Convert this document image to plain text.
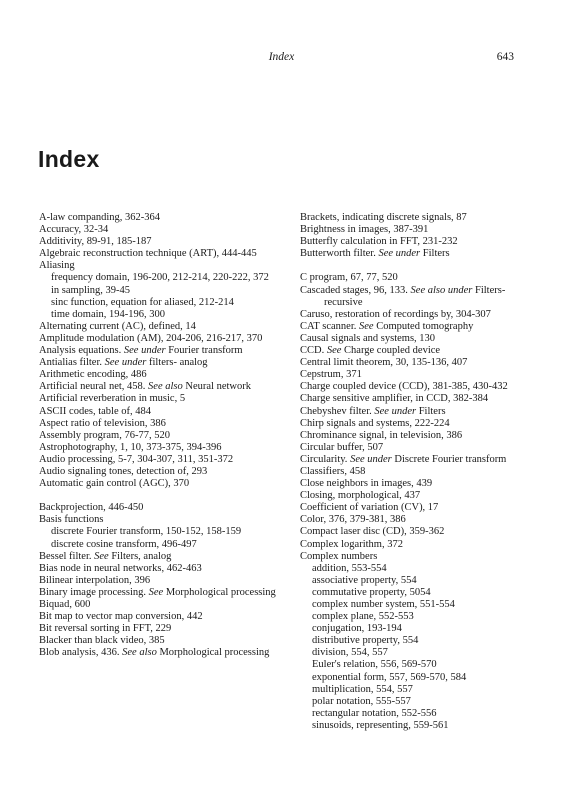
Index	643
Index
A-law companding, 362-364
Accuracy, 32-34
Additivity, 89-91, 185-187
Algebraic reconstruction technique (ART), 444-445
Aliasing
frequency domain, 196-200, 212-214, 220-222, 372
in sampling, 39-45
sinc function, equation for aliased, 212-214
time domain, 194-196, 300
Alternating current (AC), defined, 14
Amplitude modulation (AM), 204-206, 216-217, 370
Analysis equations. See under Fourier transform
Antialias filter. See under filters- analog
Arithmetic encoding, 486
Artificial neural net, 458. See also Neural network
Artificial reverberation in music, 5
ASCII codes, table of, 484
Aspect ratio of television, 386
Assembly program, 76-77, 520
Astrophotography, 1, 10, 373-375, 394-396
Audio processing, 5-7, 304-307, 311, 351-372
Audio signaling tones, detection of, 293
Automatic gain control (AGC), 370
Backprojection, 446-450
Basis functions
discrete Fourier transform, 150-152, 158-159
discrete cosine transform, 496-497
Bessel filter. See Filters, analog
Bias node in neural networks, 462-463
Bilinear interpolation, 396
Binary image processing. See Morphological processing
Biquad, 600
Bit map to vector map conversion, 442
Bit reversal sorting in FFT, 229
Blacker than black video, 385
Blob analysis, 436. See also Morphological processing
Brackets, indicating discrete signals, 87
Brightness in images, 387-391
Butterfly calculation in FFT, 231-232
Butterworth filter. See under Filters
C program, 67, 77, 520
Cascaded stages, 96, 133. See also under Filters- recursive
Caruso, restoration of recordings by, 304-307
CAT scanner. See Computed tomography
Causal signals and systems, 130
CCD. See Charge coupled device
Central limit theorem, 30, 135-136, 407
Cepstrum, 371
Charge coupled device (CCD), 381-385, 430-432
Charge sensitive amplifier, in CCD, 382-384
Chebyshev filter. See under Filters
Chirp signals and systems, 222-224
Chrominance signal, in television, 386
Circular buffer, 507
Circularity. See under Discrete Fourier transform
Classifiers, 458
Close neighbors in images, 439
Closing, morphological, 437
Coefficient of variation (CV), 17
Color, 376, 379-381, 386
Compact laser disc (CD), 359-362
Complex logarithm, 372
Complex numbers
addition, 553-554
associative property, 554
commutative property, 5054
complex number system, 551-554
complex plane, 552-553
conjugation, 193-194
distributive property, 554
division, 554, 557
Euler's relation, 556, 569-570
exponential form, 557, 569-570, 584
multiplication, 554, 557
polar notation, 555-557
rectangular notation, 552-556
sinusoids, representing, 559-561
